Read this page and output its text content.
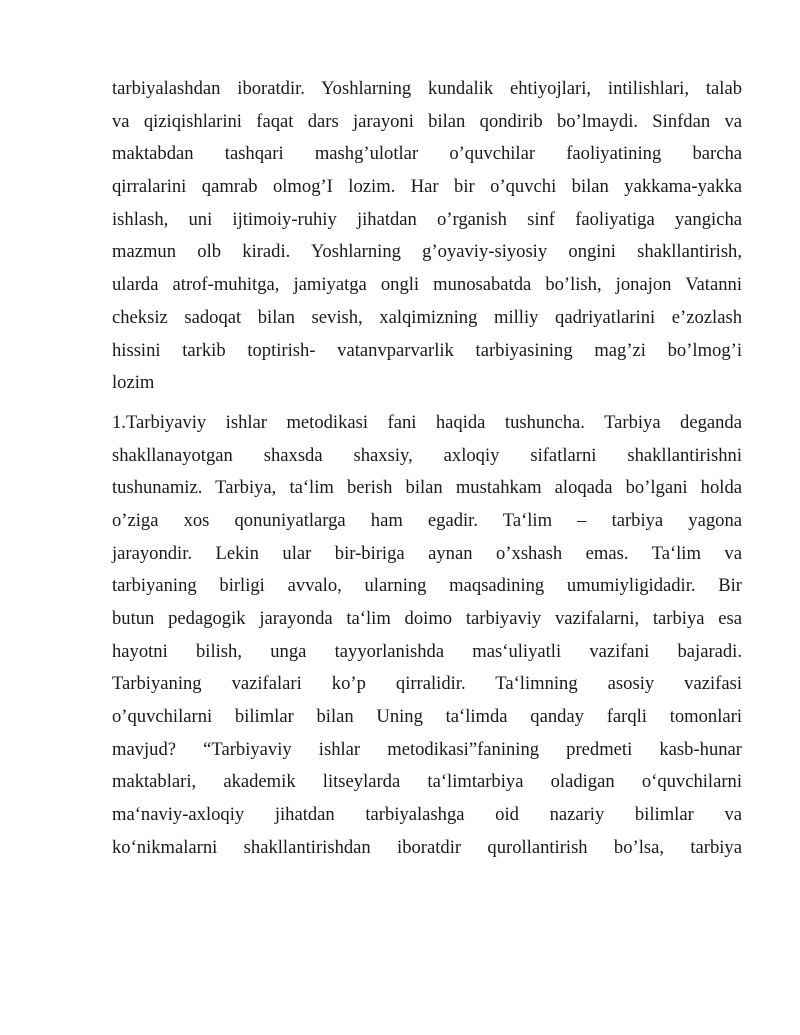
tarbiyalashdan iboratdir. Yoshlarning kundalik ehtiyojlari, intilishlari, talab
va qiziqishlarini faqat dars jarayoni bilan qondirib bo’lmaydi. Sinfdan va
maktabdan tashqari mashg’ulotlar o’quvchilar faoliyatining barcha
qirralarini qamrab olmog’I lozim. Har bir o’quvchi bilan yakkama-yakka
ishlash, uni ijtimoiy-ruhiy jihatdan o’rganish sinf faoliyatiga yangicha
mazmun olb kiradi. Yoshlarning g’oyaviy-siyosiy ongini shakllantirish,
ularda atrof-muhitga, jamiyatga ongli munosabatda bo’lish, jonajon Vatanni
cheksiz sadoqat bilan sevish, xalqimizning milliy qadriyatlarini e’zozlash
hissini tarkib toptirish- vatanvparvarlik tarbiyasining mag’zi bo’lmog’i
lozim
1.Tarbiyaviy ishlar metodikasi fani haqida tushuncha. Tarbiya deganda
shakllanayotgan shaxsda shaxsiy, axloqiy sifatlarni shakllantirishni
tushunamiz. Tarbiya, ta‘lim berish bilan mustahkam aloqada bo’lgani holda
o’ziga xos qonuniyatlarga ham egadir. Ta‘lim – tarbiya yagona
jarayondir. Lekin ular bir-biriga aynan o’xshash emas. Ta‘lim va
tarbiyaning birligi avvalo, ularning maqsadining umumiyligidadir. Bir
butun pedagogik jarayonda ta‘lim doimo tarbiyaviy vazifalarni, tarbiya esa
hayotni bilish, unga tayyorlanishda mas‘uliyatli vazifani bajaradi.
Tarbiyaning vazifalari ko’p qirralidir. Ta‘limning asosiy vazifasi
o’quvchilarni bilimlar bilan Uning ta‘limda qanday farqli tomonlari
mavjud? “Tarbiyaviy ishlar metodikasi”fanining predmeti kasb-hunar
maktablari, akademik litseylarda ta‘limtarbiya oladigan o‘quvchilarni
ma‘naviy-axloqiy jihatdan tarbiyalashga oid nazariy bilimlar va
ko‘nikmalarni shakllantirishdan iboratdir qurollantirish bo’lsa, tarbiya
